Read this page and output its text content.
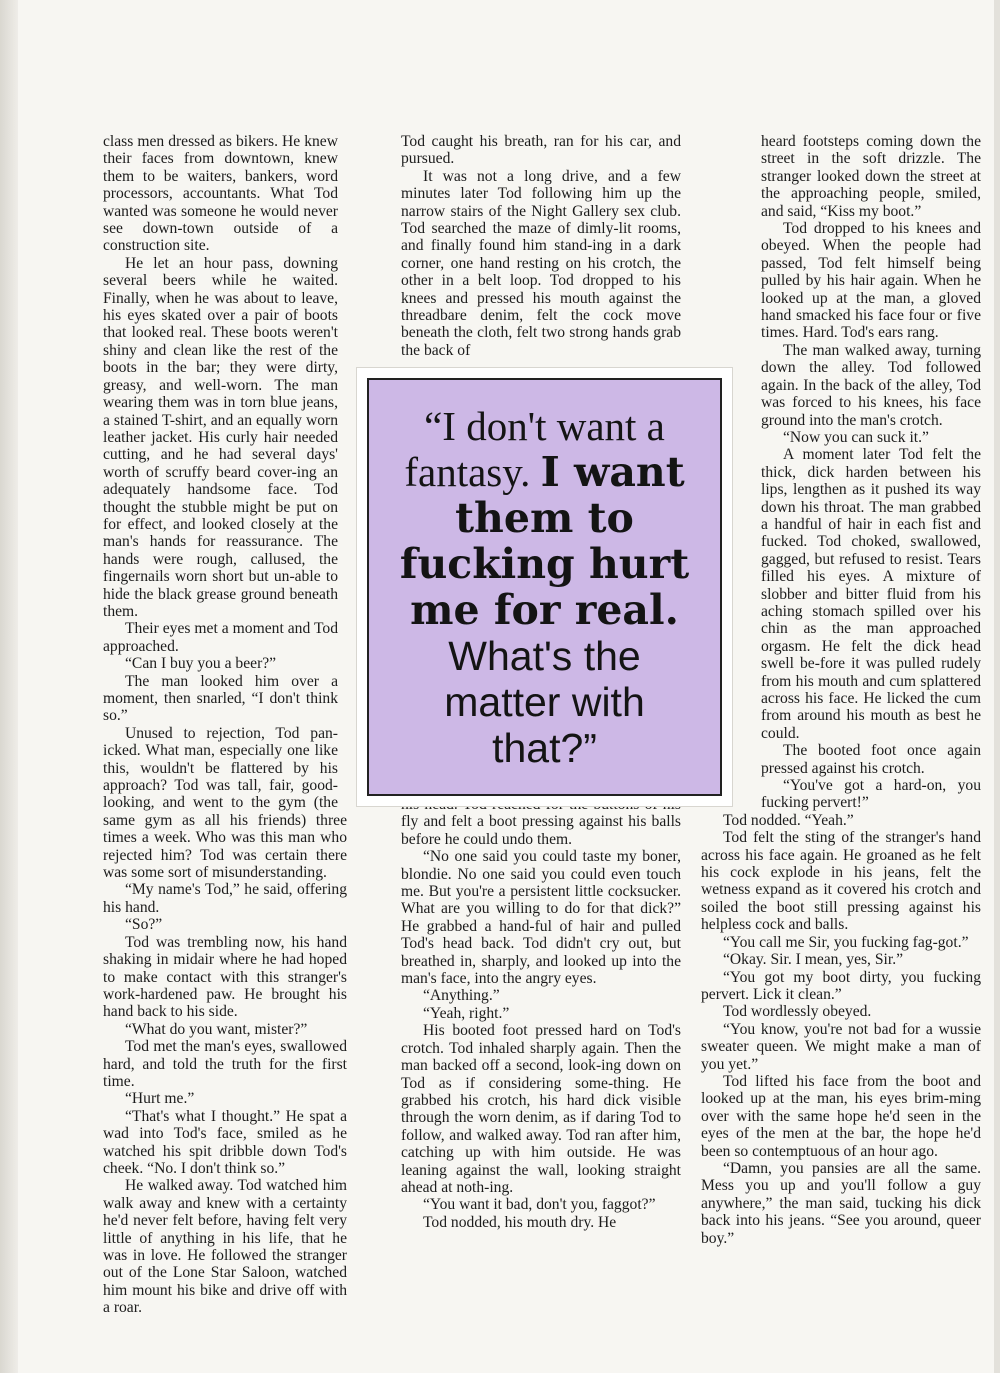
class men dressed as bikers. He knew their faces from downtown, knew them to be waiters, bankers, word processors, accountants. What Tod wanted was someone he would never see down-town outside of a construction site.

He let an hour pass, downing several beers while he waited. Finally, when he was about to leave, his eyes skated over a pair of boots that looked real. These boots weren't shiny and clean like the rest of the boots in the bar; they were dirty, greasy, and well-worn. The man wearing them was in torn blue jeans, a stained T-shirt, and an equally worn leather jacket. His curly hair needed cutting, and he had several days' worth of scruffy beard cover-ing an adequately handsome face. Tod thought the stubble might be put on for effect, and looked closely at the man's hands for reassurance. The hands were rough, callused, the fingernails worn short but un-able to hide the black grease ground beneath them.

Their eyes met a moment and Tod approached.

“Can I buy you a beer?”

The man looked him over a moment, then snarled, “I don't think so.”

Unused to rejection, Tod pan-icked. What man, especially one like this, wouldn't be flattered by his approach? Tod was tall, fair, good-looking, and went to the gym (the same gym as all his friends) three times a week. Who was this man who rejected him? Tod was certain there was some sort of misunderstanding.

“My name's Tod,” he said, offering his hand.

“So?”

Tod was trembling now, his hand shaking in midair where he had hoped to make contact with this stranger's work-hardened paw. He brought his hand back to his side.

“What do you want, mister?”

Tod met the man's eyes, swallowed hard, and told the truth for the first time.

“Hurt me.”

“That's what I thought.” He spat a wad into Tod's face, smiled as he watched his spit dribble down Tod's cheek. “No. I don't think so.”

He walked away. Tod watched him walk away and knew with a certainty he'd never felt before, having felt very little of anything in his life, that he was in love. He followed the stranger out of the Lone Star Saloon, watched him mount his bike and drive off with a roar.

Tod caught his breath, ran for his car, and pursued.

It was not a long drive, and a few minutes later Tod following him up the narrow stairs of the Night Gallery sex club. Tod searched the maze of dimly-lit rooms, and finally found him stand-ing in a dark corner, one hand resting on his crotch, the other in a belt loop. Tod dropped to his knees and pressed his mouth against the threadbare denim, felt the cock move beneath the cloth, felt two strong hands grab the back of

fly and felt a boot pressing against his balls before he could undo them.

“No one said you could taste my boner, blondie. No one said you could even touch me. But you're a persistent little cocksucker. What are you willing to do for that dick?” He grabbed a hand-ful of hair and pulled Tod's head back. Tod didn't cry out, but breathed in, sharply, and looked up into the man's face, into the angry eyes.

“Anything.”

“Yeah, right.”

His booted foot pressed hard on Tod's crotch. Tod inhaled sharply again. Then the man backed off a second, look-ing down on Tod as if considering some-thing. He grabbed his crotch, his hard dick visible through the worn denim, as if daring Tod to follow, and walked away. Tod ran after him, catching up with him outside. He was leaning against the wall, looking straight ahead at noth-ing.

“You want it bad, don't you, faggot?”

Tod nodded, his mouth dry. He

heard footsteps coming down the street in the soft drizzle. The stranger looked down the street at the approaching people, smiled, and said, “Kiss my boot.”

Tod dropped to his knees and obeyed. When the people had passed, Tod felt himself being pulled by his hair again. When he looked up at the man, a gloved hand smacked his face four or five times. Hard. Tod's ears rang.

The man walked away, turning down the alley. Tod followed again. In the back of the alley, Tod was forced to his knees, his face ground into the man's crotch.

“Now you can suck it.”

A moment later Tod felt the thick, dick harden between his lips, lengthen as it pushed its way down his throat. The man grabbed a handful of hair in each fist and fucked. Tod choked, swallowed, gagged, but refused to resist. Tears filled his eyes. A mixture of slobber and bitter fluid from his aching stomach spilled over his chin as the man approached orgasm. He felt the dick head swell be-fore it was pulled rudely from his mouth and cum splattered across his face. He licked the cum from around his mouth as best he could.

The booted foot once again pressed against his crotch.

“You've got a hard-on, you fucking pervert!”

Tod nodded. “Yeah.”

Tod felt the sting of the stranger's hand across his face again. He groaned as he felt his cock explode in his jeans, felt the wetness expand as it covered his crotch and soiled the boot still pressing against his helpless cock and balls.

“You call me Sir, you fucking fag-got.”

“Okay. Sir. I mean, yes, Sir.”

“You got my boot dirty, you fucking pervert. Lick it clean.”

Tod wordlessly obeyed.

“You know, you're not bad for a wussie sweater queen. We might make a man of you yet.”

Tod lifted his face from the boot and looked up at the man, his eyes brim-ming over with the same hope he'd seen in the eyes of the men at the bar, the hope he'd been so contemptuous of an hour ago.

“Damn, you pansies are all the same. Mess you up and you'll follow a guy anywhere,” the man said, tucking his dick back into his jeans. “See you around, queer boy.”

“I don't want a fantasy. I want them to fucking hurt me for real. What's the matter with that?”
